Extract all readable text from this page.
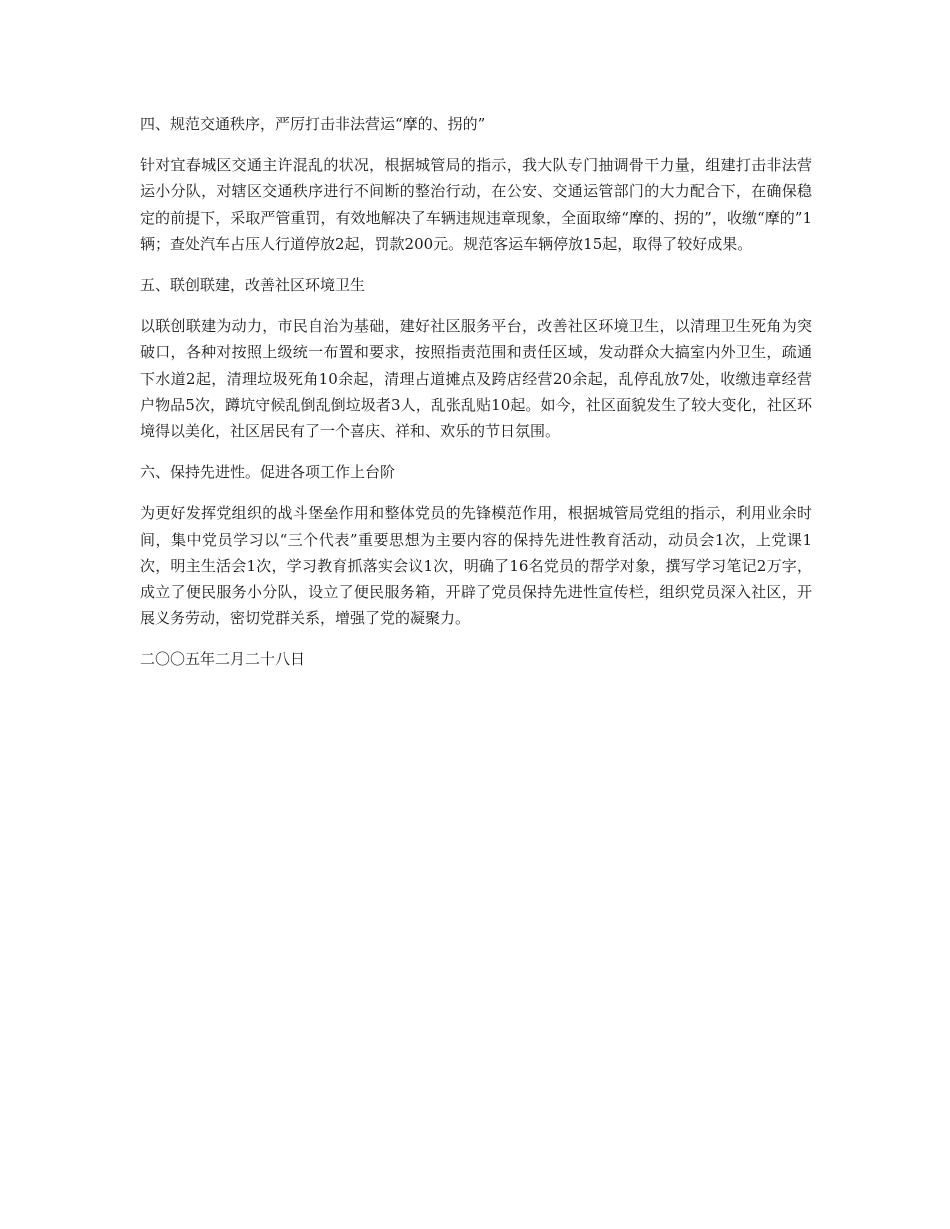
四、规范交通秩序，严厉打击非法营运“摩的、拐的”

针对宜春城区交通主许混乱的状况，根据城管局的指示，我大队专门抽调骨干力量，组建打击非法营运小分队，对辖区交通秩序进行不间断的整治行动，在公安、交通运管部门的大力配合下，在确保稳定的前提下，采取严管重罚，有效地解决了车辆违规违章现象，全面取缔“摩的、拐的”，收缴“摩的”1辆；查处汽车占压人行道停放2起，罚款200元。规范客运车辆停放15起，取得了较好成果。

五、联创联建，改善社区环境卫生

以联创联建为动力，市民自治为基础，建好社区服务平台，改善社区环境卫生，以清理卫生死角为突破口，各种对按照上级统一布置和要求，按照指责范围和责任区域，发动群众大搞室内外卫生，疏通下水道2起，清理垃圾死角10余起，清理占道摊点及跨店经营20余起，乱停乱放7处，收缴违章经营户物品5次，蹲坑守候乱倒乱倒垃圾者3人，乱张乱贴10起。如今，社区面貌发生了较大变化，社区环境得以美化，社区居民有了一个喜庆、祥和、欢乐的节日氛围。

六、保持先进性。促进各项工作上台阶

为更好发挥党组织的战斗堡垒作用和整体党员的先锋模范作用，根据城管局党组的指示，利用业余时间，集中党员学习以“三个代表”重要思想为主要内容的保持先进性教育活动，动员会1次，上党课1次，明主生活会1次，学习教育抓落实会议1次，明确了16名党员的帮学对象，撰写学习笔记2万字，成立了便民服务小分队，设立了便民服务箱，开辟了党员保持先进性宣传栏，组织党员深入社区，开展义务劳动，密切党群关系，增强了党的凝聚力。

二〇〇五年二月二十八日
